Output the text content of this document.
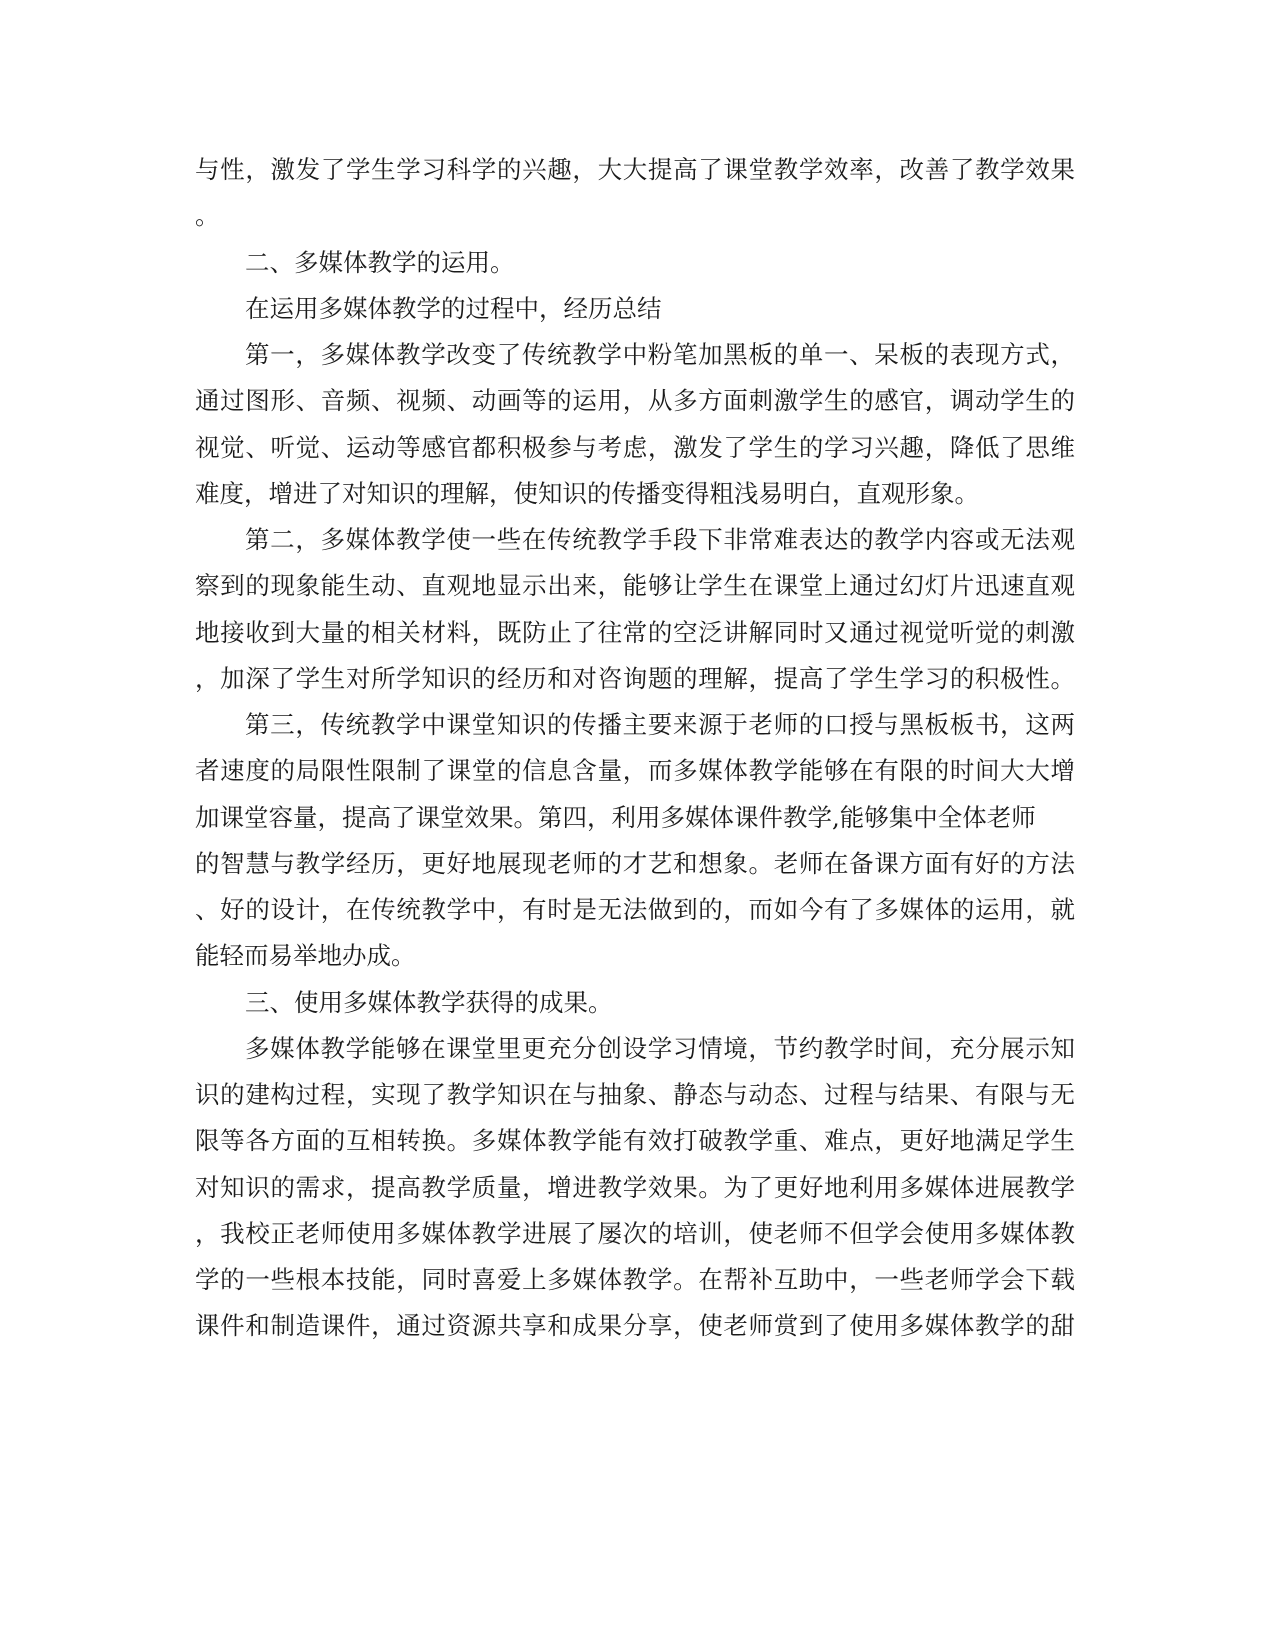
与性，激发了学生学习科学的兴趣，大大提高了课堂教学效率，改善了教学效果
。
二、多媒体教学的运用。
在运用多媒体教学的过程中，经历总结
第一，多媒体教学改变了传统教学中粉笔加黑板的单一、呆板的表现方式，
通过图形、音频、视频、动画等的运用，从多方面刺激学生的感官，调动学生的
视觉、听觉、运动等感官都积极参与考虑，激发了学生的学习兴趣，降低了思维
难度，增进了对知识的理解，使知识的传播变得粗浅易明白，直观形象。
第二，多媒体教学使一些在传统教学手段下非常难表达的教学内容或无法观
察到的现象能生动、直观地显示出来，能够让学生在课堂上通过幻灯片迅速直观
地接收到大量的相关材料，既防止了往常的空泛讲解同时又通过视觉听觉的刺激
，加深了学生对所学知识的经历和对咨询题的理解，提高了学生学习的积极性。
第三，传统教学中课堂知识的传播主要来源于老师的口授与黑板板书，这两
者速度的局限性限制了课堂的信息含量，而多媒体教学能够在有限的时间大大增
加课堂容量，提高了课堂效果。第四，利用多媒体课件教学,能够集中全体老师
的智慧与教学经历，更好地展现老师的才艺和想象。老师在备课方面有好的方法
、好的设计，在传统教学中，有时是无法做到的，而如今有了多媒体的运用，就
能轻而易举地办成。
三、使用多媒体教学获得的成果。
多媒体教学能够在课堂里更充分创设学习情境，节约教学时间，充分展示知
识的建构过程，实现了教学知识在与抽象、静态与动态、过程与结果、有限与无
限等各方面的互相转换。多媒体教学能有效打破教学重、难点，更好地满足学生
对知识的需求，提高教学质量，增进教学效果。为了更好地利用多媒体进展教学
，我校正老师使用多媒体教学进展了屡次的培训，使老师不但学会使用多媒体教
学的一些根本技能，同时喜爱上多媒体教学。在帮补互助中，一些老师学会下载
课件和制造课件，通过资源共享和成果分享，使老师赏到了使用多媒体教学的甜
